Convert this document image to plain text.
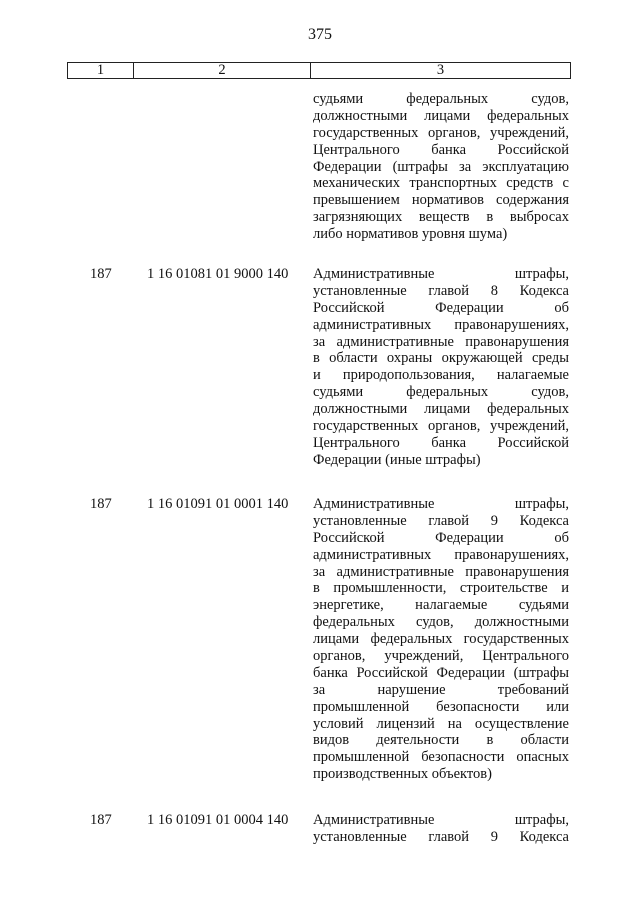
375
1	2	3
судьями федеральных судов,
должностными лицами федеральных
государственных органов, учреждений,
Центрального банка Российской
Федерации (штрафы за эксплуатацию
механических транспортных средств с
превышением нормативов содержания
загрязняющих веществ в выбросах
либо нормативов уровня шума)
187	1 16 01081 01 9000 140	Административные штрафы,
установленные главой 8 Кодекса
Российской Федерации об
административных правонарушениях,
за административные правонарушения
в области охраны окружающей среды
и природопользования, налагаемые
судьями федеральных судов,
должностными лицами федеральных
государственных органов, учреждений,
Центрального банка Российской
Федерации (иные штрафы)
187	1 16 01091 01 0001 140	Административные штрафы,
установленные главой 9 Кодекса
Российской Федерации об
административных правонарушениях,
за административные правонарушения
в промышленности, строительстве и
энергетике, налагаемые судьями
федеральных судов, должностными
лицами федеральных государственных
органов, учреждений, Центрального
банка Российской Федерации (штрафы
за нарушение требований
промышленной безопасности или
условий лицензий на осуществление
видов деятельности в области
промышленной безопасности опасных
производственных объектов)
187	1 16 01091 01 0004 140	Административные штрафы,
установленные главой 9 Кодекса
